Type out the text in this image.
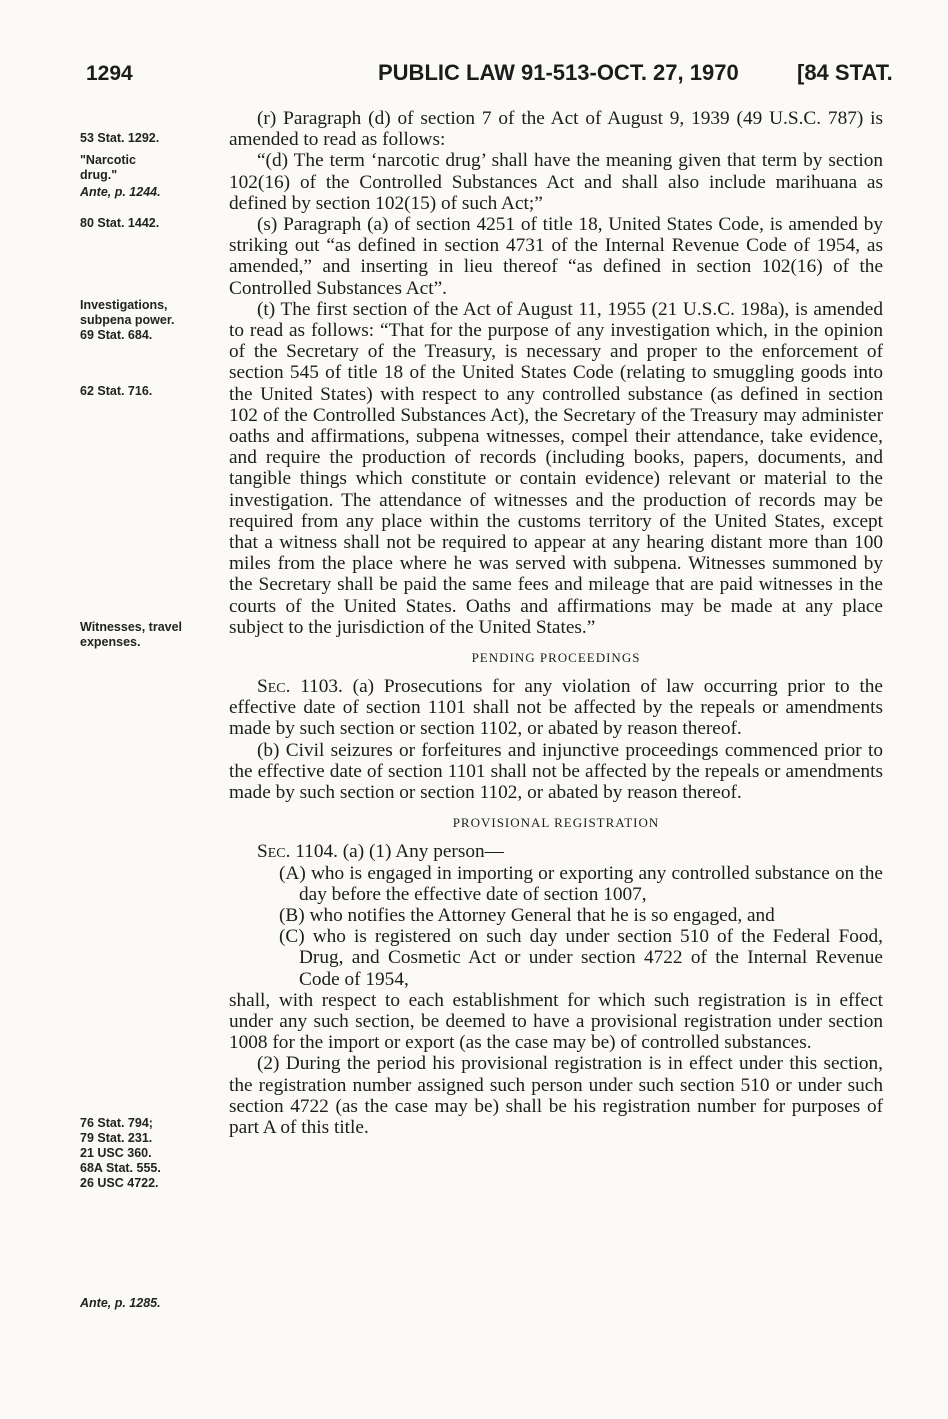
1294	PUBLIC LAW 91-513-OCT. 27, 1970	[84 STAT.
53 Stat. 1292.
"Narcotic
drug."
Ante, p. 1244.
80 Stat. 1442.
Investigations,
subpena power.
69 Stat. 684.
62 Stat. 716.
Witnesses, travel
expenses.
76 Stat. 794;
79 Stat. 231.
21 USC 360.
68A Stat. 555.
26 USC 4722.
Ante, p. 1285.

(r) Paragraph (d) of section 7 of the Act of August 9, 1939 (49 U.S.C. 787) is amended to read as follows:

“(d) The term ‘narcotic drug’ shall have the meaning given that term by section 102(16) of the Controlled Substances Act and shall also include marihuana as defined by section 102(15) of such Act;”

(s) Paragraph (a) of section 4251 of title 18, United States Code, is amended by striking out “as defined in section 4731 of the Internal Revenue Code of 1954, as amended,” and inserting in lieu thereof “as defined in section 102(16) of the Controlled Substances Act”.

(t) The first section of the Act of August 11, 1955 (21 U.S.C. 198a), is amended to read as follows: “That for the purpose of any investigation which, in the opinion of the Secretary of the Treasury, is necessary and proper to the enforcement of section 545 of title 18 of the United States Code (relating to smuggling goods into the United States) with respect to any controlled substance (as defined in section 102 of the Controlled Substances Act), the Secretary of the Treasury may administer oaths and affirmations, subpena witnesses, compel their attendance, take evidence, and require the production of records (including books, papers, documents, and tangible things which constitute or contain evidence) relevant or material to the investigation. The attendance of witnesses and the production of records may be required from any place within the customs territory of the United States, except that a witness shall not be required to appear at any hearing distant more than 100 miles from the place where he was served with subpena. Witnesses summoned by the Secretary shall be paid the same fees and mileage that are paid witnesses in the courts of the United States. Oaths and affirmations may be made at any place subject to the jurisdiction of the United States.”

PENDING PROCEEDINGS

Sec. 1103. (a) Prosecutions for any violation of law occurring prior to the effective date of section 1101 shall not be affected by the repeals or amendments made by such section or section 1102, or abated by reason thereof.

(b) Civil seizures or forfeitures and injunctive proceedings commenced prior to the effective date of section 1101 shall not be affected by the repeals or amendments made by such section or section 1102, or abated by reason thereof.

PROVISIONAL REGISTRATION

Sec. 1104. (a) (1) Any person—

(A) who is engaged in importing or exporting any controlled substance on the day before the effective date of section 1007,

(B) who notifies the Attorney General that he is so engaged, and

(C) who is registered on such day under section 510 of the Federal Food, Drug, and Cosmetic Act or under section 4722 of the Internal Revenue Code of 1954,

shall, with respect to each establishment for which such registration is in effect under any such section, be deemed to have a provisional registration under section 1008 for the import or export (as the case may be) of controlled substances.

(2) During the period his provisional registration is in effect under this section, the registration number assigned such person under such section 510 or under such section 4722 (as the case may be) shall be his registration number for purposes of part A of this title.
